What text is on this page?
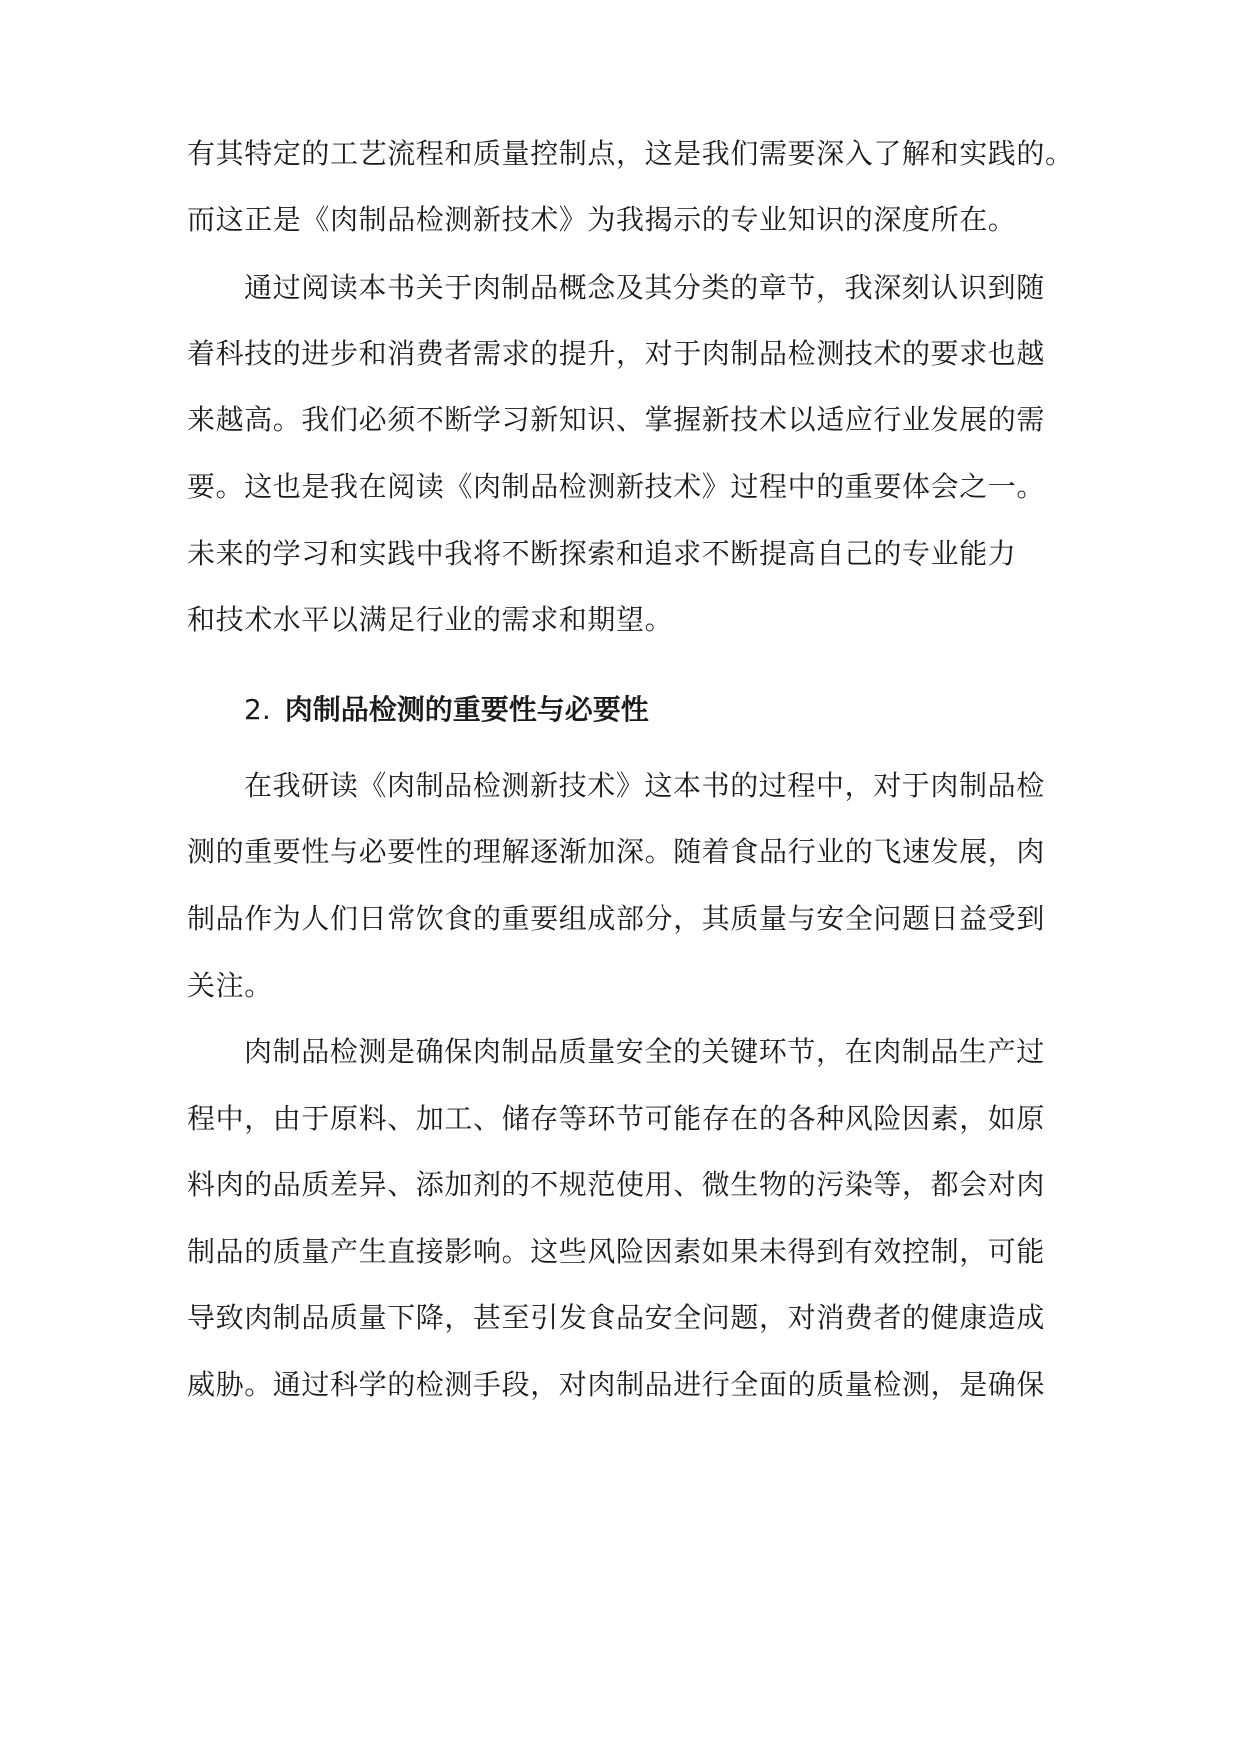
有其特定的工艺流程和质量控制点，这是我们需要深入了解和实践的。
而这正是《肉制品检测新技术》为我揭示的专业知识的深度所在。
通过阅读本书关于肉制品概念及其分类的章节，我深刻认识到随
着科技的进步和消费者需求的提升，对于肉制品检测技术的要求也越
来越高。我们必须不断学习新知识、掌握新技术以适应行业发展的需
要。这也是我在阅读《肉制品检测新技术》过程中的重要体会之一。
未来的学习和实践中我将不断探索和追求不断提高自己的专业能力
和技术水平以满足行业的需求和期望。
2. 肉制品检测的重要性与必要性
在我研读《肉制品检测新技术》这本书的过程中，对于肉制品检
测的重要性与必要性的理解逐渐加深。随着食品行业的飞速发展，肉
制品作为人们日常饮食的重要组成部分，其质量与安全问题日益受到
关注。
肉制品检测是确保肉制品质量安全的关键环节，在肉制品生产过
程中，由于原料、加工、储存等环节可能存在的各种风险因素，如原
料肉的品质差异、添加剂的不规范使用、微生物的污染等，都会对肉
制品的质量产生直接影响。这些风险因素如果未得到有效控制，可能
导致肉制品质量下降，甚至引发食品安全问题，对消费者的健康造成
威胁。通过科学的检测手段，对肉制品进行全面的质量检测，是确保
